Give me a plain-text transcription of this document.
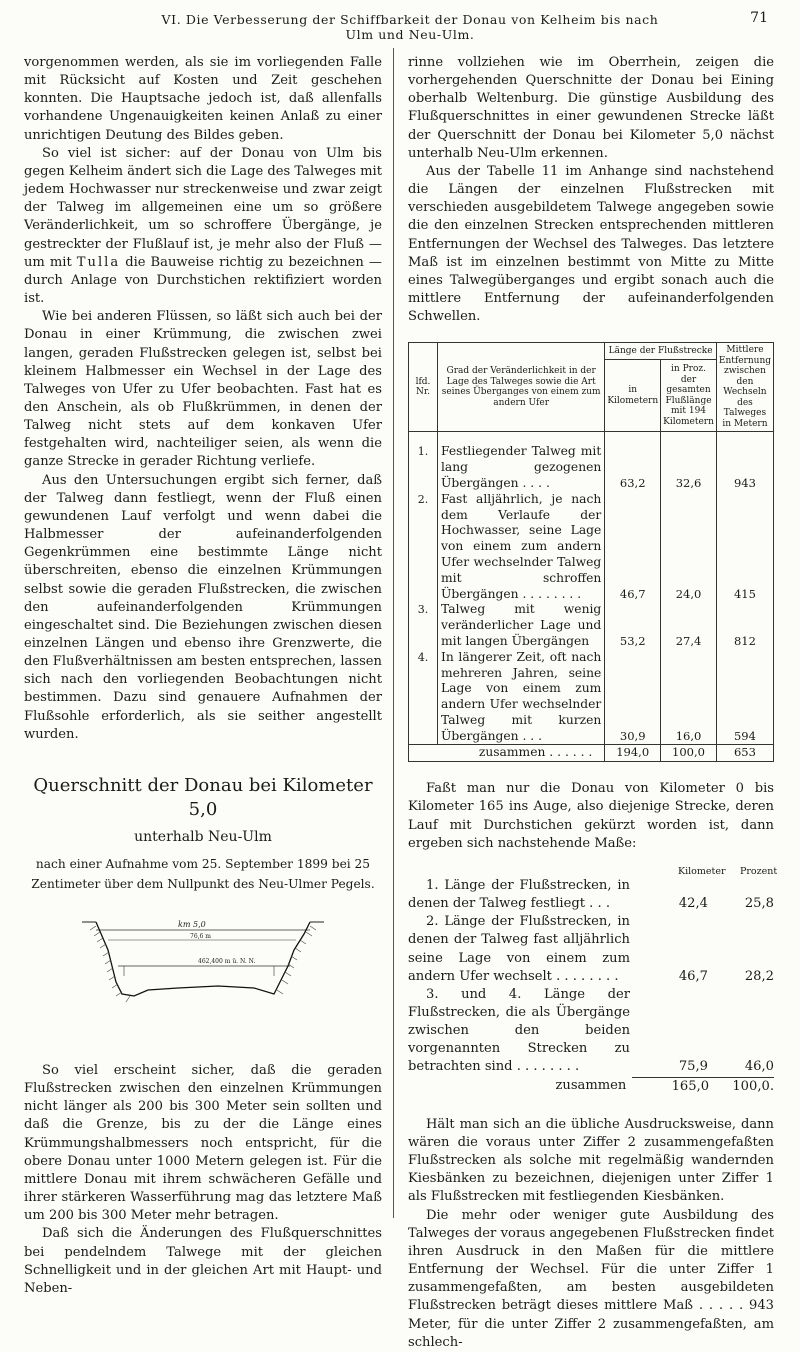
VI. Die Verbesserung der Schiffbarkeit der Donau von Kelheim bis nach Ulm und Neu-Ulm.
71

vorgenommen werden, als sie im vorliegenden Falle mit Rücksicht auf Kosten und Zeit geschehen konnten. Die Hauptsache jedoch ist, daß allenfalls vorhandene Ungenauigkeiten keinen Anlaß zu einer unrichtigen Deutung des Bildes geben.

So viel ist sicher: auf der Donau von Ulm bis gegen Kelheim ändert sich die Lage des Talweges mit jedem Hochwasser nur streckenweise und zwar zeigt der Talweg im allgemeinen eine um so größere Veränderlichkeit, um so schroffere Übergänge, je gestreckter der Flußlauf ist, je mehr also der Fluß — um mit Tulla die Bauweise richtig zu bezeichnen — durch Anlage von Durchstichen rektifiziert worden ist.

Wie bei anderen Flüssen, so läßt sich auch bei der Donau in einer Krümmung, die zwischen zwei langen, geraden Flußstrecken gelegen ist, selbst bei kleinem Halbmesser ein Wechsel in der Lage des Talweges von Ufer zu Ufer beobachten. Fast hat es den Anschein, als ob Flußkrümmen, in denen der Talweg nicht stets auf dem konkaven Ufer festgehalten wird, nachteiliger seien, als wenn die ganze Strecke in gerader Richtung verliefe.

Aus den Untersuchungen ergibt sich ferner, daß der Talweg dann festliegt, wenn der Fluß einen gewundenen Lauf verfolgt und wenn dabei die Halbmesser der aufeinanderfolgenden Gegenkrümmen eine bestimmte Länge nicht überschreiten, ebenso die einzelnen Krümmungen selbst sowie die geraden Flußstrecken, die zwischen den aufeinanderfolgenden Krümmungen eingeschaltet sind. Die Beziehungen zwischen diesen einzelnen Längen und ebenso ihre Grenzwerte, die den Flußverhältnissen am besten entsprechen, lassen sich nach den vorliegenden Beobachtungen nicht bestimmen. Dazu sind genauere Aufnahmen der Flußsohle erforderlich, als sie seither angestellt wurden.

Querschnitt der Donau bei Kilometer 5,0
unterhalb Neu-Ulm
nach einer Aufnahme vom 25. September 1899 bei 25 Zentimeter über dem Nullpunkt des Neu-Ulmer Pegels.
km 5,0
76,6 m
462,400 m ü. N. N.

So viel erscheint sicher, daß die geraden Flußstrecken zwischen den einzelnen Krümmungen nicht länger als 200 bis 300 Meter sein sollten und daß die Grenze, bis zu der die Länge eines Krümmungshalbmessers noch entspricht, für die obere Donau unter 1000 Metern gelegen ist. Für die mittlere Donau mit ihrem schwächeren Gefälle und ihrer stärkeren Wasserführung mag das letztere Maß um 200 bis 300 Meter mehr betragen.

Daß sich die Änderungen des Flußquerschnittes bei pendelndem Talwege mit der gleichen Schnelligkeit und in der gleichen Art mit Haupt- und Neben-

rinne vollziehen wie im Oberrhein, zeigen die vorhergehenden Querschnitte der Donau bei Eining oberhalb Weltenburg. Die günstige Ausbildung des Flußquerschnittes in einer gewundenen Strecke läßt der Querschnitt der Donau bei Kilometer 5,0 nächst unterhalb Neu-Ulm erkennen.

Aus der Tabelle 11 im Anhange sind nachstehend die Längen der einzelnen Flußstrecken mit verschieden ausgebildetem Talwege angegeben sowie die den einzelnen Strecken entsprechenden mittleren Entfernungen der Wechsel des Talweges. Das letztere Maß ist im einzelnen bestimmt von Mitte zu Mitte eines Talwegüberganges und ergibt sonach auch die mittlere Entfernung der aufeinanderfolgenden Schwellen.

lfd. Nr.	Grad der Veränderlichkeit in der Lage des Talweges sowie die Art seines Überganges von einem zum andern Ufer	Länge der Flußstrecke		Mittlere Entfernung zwischen den Wechseln des Talweges in Metern
		in Kilometern	in Proz. der gesamten Flußlänge mit 194 Kilometern	
1.	Festliegender Talweg mit lang gezogenen Übergängen . . . .	63,2	32,6	943
2.	Fast alljährlich, je nach dem Verlaufe der Hochwasser, seine Lage von einem zum andern Ufer wechselnder Talweg mit schroffen Übergängen . . . . . . . .	46,7	24,0	415
3.	Talweg mit wenig veränderlicher Lage und mit langen Übergängen	53,2	27,4	812
4.	In längerer Zeit, oft nach mehreren Jahren, seine Lage von einem zum andern Ufer wechselnder Talweg mit kurzen Übergängen . . .	30,9	16,0	594
	zusammen . . . . . .	194,0	100,0	653

Faßt man nur die Donau von Kilometer 0 bis Kilometer 165 ins Auge, also diejenige Strecke, deren Lauf mit Durchstichen gekürzt worden ist, dann ergeben sich nachstehende Maße:

Kilometer Prozent
1. Länge der Flußstrecken, in denen der Talweg festliegt . . .	42,4	25,8
2. Länge der Flußstrecken, in denen der Talweg fast alljährlich seine Lage von einem zum andern Ufer wechselt . . . . . . . .	46,7	28,2
3. und 4. Länge der Flußstrecken, die als Übergänge zwischen den beiden vorgenannten Strecken zu betrachten sind . . . . . . . .	75,9	46,0
zusammen	165,0	100,0.

Hält man sich an die übliche Ausdrucksweise, dann wären die voraus unter Ziffer 2 zusammengefaßten Flußstrecken als solche mit regelmäßig wandernden Kiesbänken zu bezeichnen, diejenigen unter Ziffer 1 als Flußstrecken mit festliegenden Kiesbänken.

Die mehr oder weniger gute Ausbildung des Talweges der voraus angegebenen Flußstrecken findet ihren Ausdruck in den Maßen für die mittlere Entfernung der Wechsel. Für die unter Ziffer 1 zusammengefaßten, am besten ausgebildeten Flußstrecken beträgt dieses mittlere Maß . . . . . 943 Meter, für die unter Ziffer 2 zusammengefaßten, am schlech-
